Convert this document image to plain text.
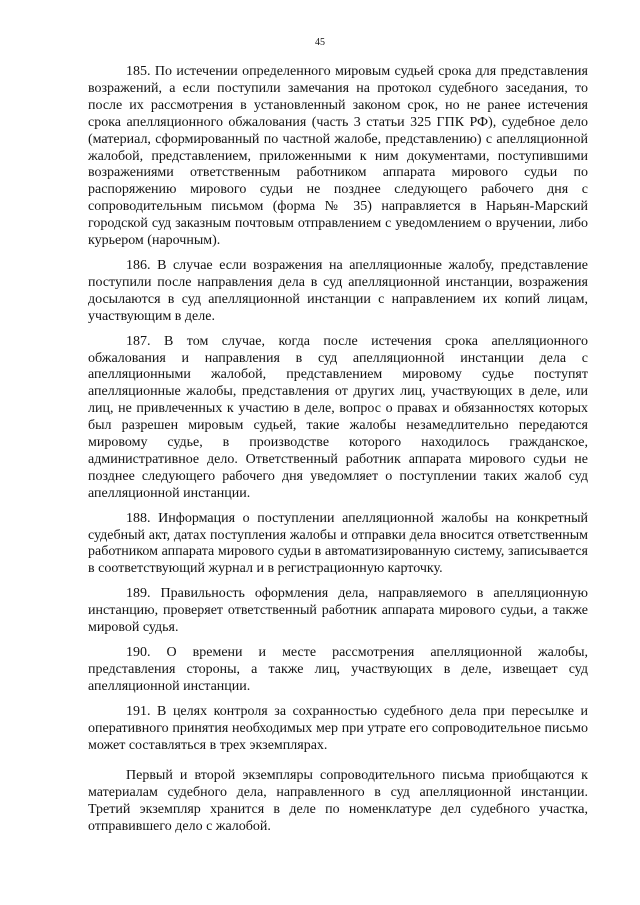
45

185. По истечении определенного мировым судьей срока для представления возражений, а если поступили замечания на протокол судебного заседания, то после их рассмотрения в установленный законом срок, но не ранее истечения срока апелляционного обжалования (часть 3 статьи 325 ГПК РФ), судебное дело (материал, сформированный по частной жалобе, представлению) с апелляционной жалобой, представлением, приложенными к ним документами, поступившими возражениями ответственным работником аппарата мирового судьи по распоряжению мирового судьи не позднее следующего рабочего дня с сопроводительным письмом (форма № 35) направляется в Нарьян-Марский городской суд заказным почтовым отправлением с уведомлением о вручении, либо курьером (нарочным).

186. В случае если возражения на апелляционные жалобу, представление поступили после направления дела в суд апелляционной инстанции, возражения досылаются в суд апелляционной инстанции с направлением их копий лицам, участвующим в деле.

187. В том случае, когда после истечения срока апелляционного обжалования и направления в суд апелляционной инстанции дела с апелляционными жалобой, представлением мировому судье поступят апелляционные жалобы, представления от других лиц, участвующих в деле, или лиц, не привлеченных к участию в деле, вопрос о правах и обязанностях которых был разрешен мировым судьей, такие жалобы незамедлительно передаются мировому судье, в производстве которого находилось гражданское, административное дело. Ответственный работник аппарата мирового судьи не позднее следующего рабочего дня уведомляет о поступлении таких жалоб суд апелляционной инстанции.

188. Информация о поступлении апелляционной жалобы на конкретный судебный акт, датах поступления жалобы и отправки дела вносится ответственным работником аппарата мирового судьи в автоматизированную систему, записывается в соответствующий журнал и в регистрационную карточку.

189. Правильность оформления дела, направляемого в апелляционную инстанцию, проверяет ответственный работник аппарата мирового судьи, а также мировой судья.

190. О времени и месте рассмотрения апелляционной жалобы, представления стороны, а также лиц, участвующих в деле, извещает суд апелляционной инстанции.

191. В целях контроля за сохранностью судебного дела при пересылке и оперативного принятия необходимых мер при утрате его сопроводительное письмо может составляться в трех экземплярах.

Первый и второй экземпляры сопроводительного письма приобщаются к материалам судебного дела, направленного в суд апелляционной инстанции. Третий экземпляр хранится в деле по номенклатуре дел судебного участка, отправившего дело с жалобой.
